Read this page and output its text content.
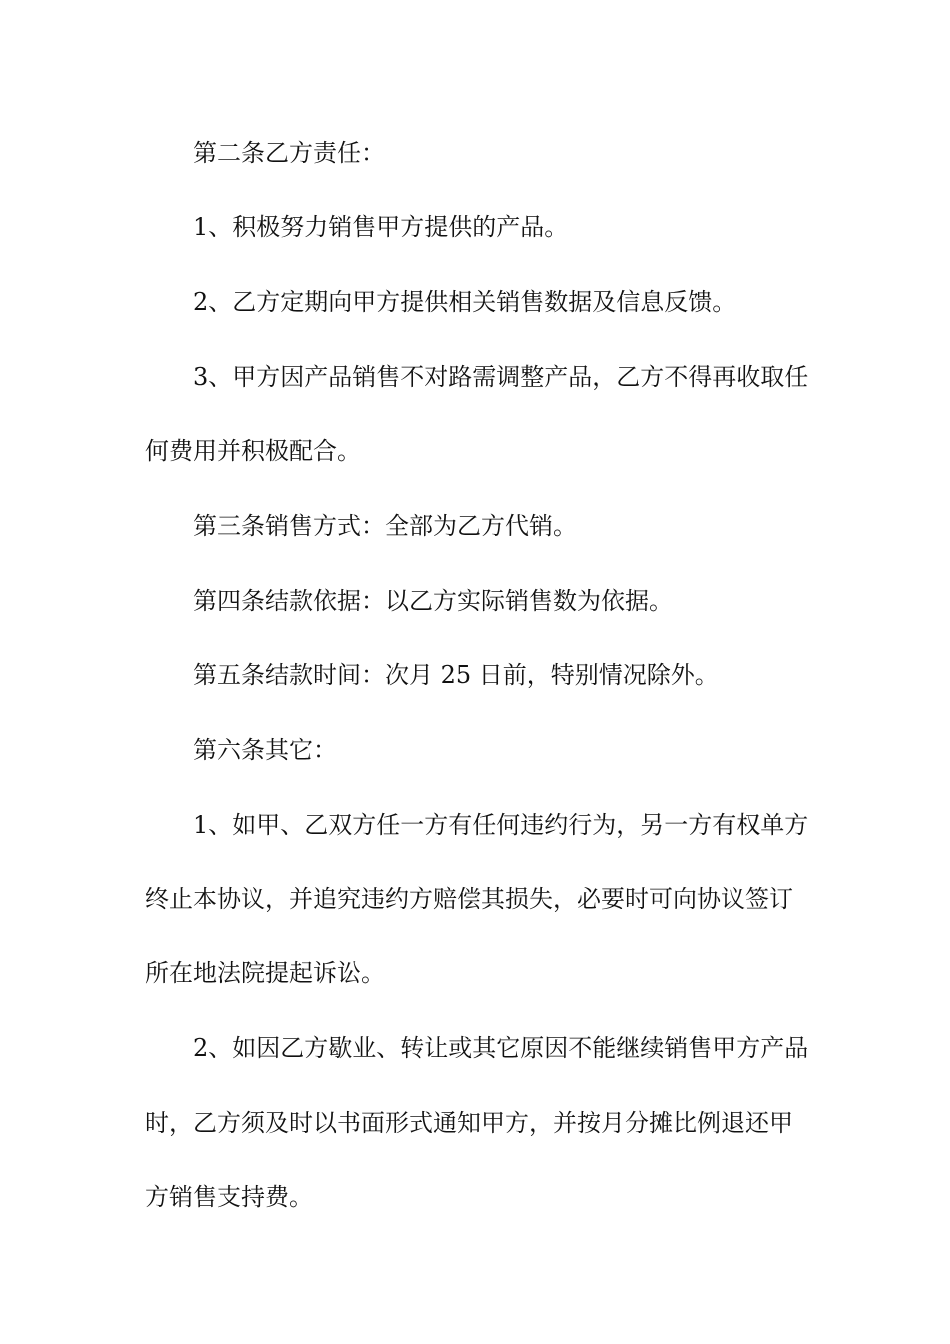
第二条乙方责任：
1、积极努力销售甲方提供的产品。
2、乙方定期向甲方提供相关销售数据及信息反馈。
3、甲方因产品销售不对路需调整产品，乙方不得再收取任
何费用并积极配合。
第三条销售方式：全部为乙方代销。
第四条结款依据：以乙方实际销售数为依据。
第五条结款时间：次月 25 日前，特别情况除外。
第六条其它：
1、如甲、乙双方任一方有任何违约行为，另一方有权单方
终止本协议，并追究违约方赔偿其损失，必要时可向协议签订
所在地法院提起诉讼。
2、如因乙方歇业、转让或其它原因不能继续销售甲方产品
时，乙方须及时以书面形式通知甲方，并按月分摊比例退还甲
方销售支持费。
